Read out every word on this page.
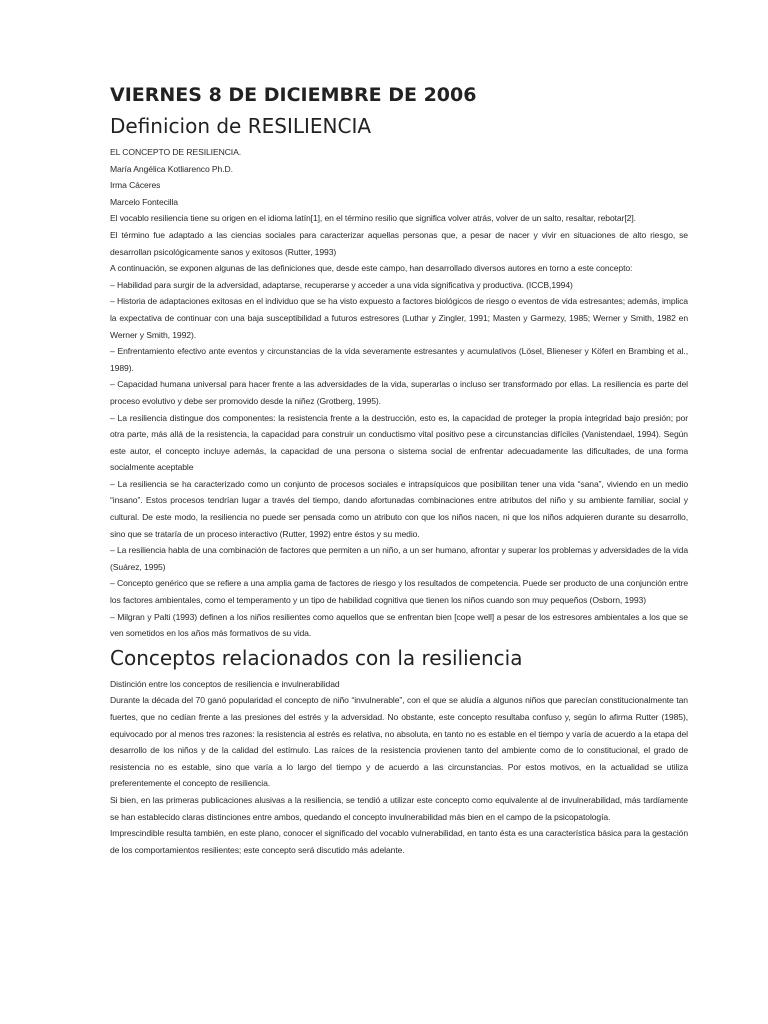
VIERNES 8 DE DICIEMBRE DE 2006
Definicion de RESILIENCIA

EL CONCEPTO DE RESILIENCIA.

María Angélica Kotliarenco Ph.D.

Irma Cáceres

Marcelo Fontecilla

El vocablo resiliencia tiene su origen en el idioma latín[1], en el término resilio que significa volver atrás, volver de un salto, resaltar, rebotar[2].

El término fue adaptado a las ciencias sociales para caracterizar aquellas personas que, a pesar de nacer y vivir en situaciones de alto riesgo, se desarrollan psicológicamente sanos y exitosos (Rutter, 1993)

A continuación, se exponen algunas de las definiciones que, desde este campo, han desarrollado diversos autores en torno a este concepto:

– Habilidad para surgir de la adversidad, adaptarse, recuperarse y acceder a una vida significativa y productiva. (ICCB,1994)

– Historia de adaptaciones exitosas en el individuo que se ha visto expuesto a factores biológicos de riesgo o eventos de vida estresantes; además, implica la expectativa de continuar con una baja susceptibilidad a futuros estresores (Luthar y Zingler, 1991; Masten y Garmezy, 1985; Werner y Smith, 1982 en Werner y Smith, 1992).

– Enfrentamiento efectivo ante eventos y circunstancias de la vida severamente estresantes y acumulativos (Lösel, Blieneser y Köferl en Brambing et al., 1989).

– Capacidad humana universal para hacer frente a las adversidades de la vida, superarlas o incluso ser transformado por ellas. La resiliencia es parte del proceso evolutivo y debe ser promovido desde la niñez (Grotberg, 1995).

– La resiliencia distingue dos componentes: la resistencia frente a la destrucción, esto es, la capacidad de proteger la propia integridad bajo presión; por otra parte, más allá de la resistencia, la capacidad para construir un conductismo vital positivo pese a circunstancias difíciles (Vanistendael, 1994). Según este autor, el concepto incluye además, la capacidad de una persona o sistema social de enfrentar adecuadamente las dificultades, de una forma socialmente aceptable

– La resiliencia se ha caracterizado como un conjunto de procesos sociales e intrapsíquicos que posibilitan tener una vida “sana”, viviendo en un medio “insano”. Estos procesos tendrían lugar a través del tiempo, dando afortunadas combinaciones entre atributos del niño y su ambiente familiar, social y cultural. De este modo, la resiliencia no puede ser pensada como un atributo con que los niños nacen, ni que los niños adquieren durante su desarrollo, sino que se trataría de un proceso interactivo (Rutter, 1992) entre éstos y su medio.

– La resiliencia habla de una combinación de factores que permiten a un niño, a un ser humano, afrontar y superar los problemas y adversidades de la vida (Suárez, 1995)

– Concepto genérico que se refiere a una amplia gama de factores de riesgo y los resultados de competencia. Puede ser producto de una conjunción entre los factores ambientales, como el temperamento y un tipo de habilidad cognitiva que tienen los niños cuando son muy pequeños (Osborn, 1993)

– Milgran y Palti (1993) definen a los niños resilientes como aquellos que se enfrentan bien [cope well] a pesar de los estresores ambientales a los que se ven sometidos en los años más formativos de su vida.

Conceptos relacionados con la resiliencia

Distinción entre los conceptos de resiliencia e invulnerabilidad

Durante la década del 70 ganó popularidad el concepto de niño “invulnerable”, con el que se aludía a algunos niños que parecían constitucionalmente tan fuertes, que no cedían frente a las presiones del estrés y la adversidad. No obstante, este concepto resultaba confuso y, según lo afirma Rutter (1985), equivocado por al menos tres razones: la resistencia al estrés es relativa, no absoluta, en tanto no es estable en el tiempo y varía de acuerdo a la etapa del desarrollo de los niños y de la calidad del estímulo. Las raíces de la resistencia provienen tanto del ambiente como de lo constitucional, el grado de resistencia no es estable, sino que varía a lo largo del tiempo y de acuerdo a las circunstancias. Por estos motivos, en la actualidad se utiliza preferentemente el concepto de resiliencia.

Si bien, en las primeras publicaciones alusivas a la resiliencia, se tendió a utilizar este concepto como equivalente al de invulnerabilidad, más tardíamente se han establecido claras distinciones entre ambos, quedando el concepto invulnerabilidad más bien en el campo de la psicopatología.

Imprescindible resulta también, en este plano, conocer el significado del vocablo vulnerabilidad, en tanto ésta es una característica básica para la gestación de los comportamientos resilientes; este concepto será discutido más adelante.
